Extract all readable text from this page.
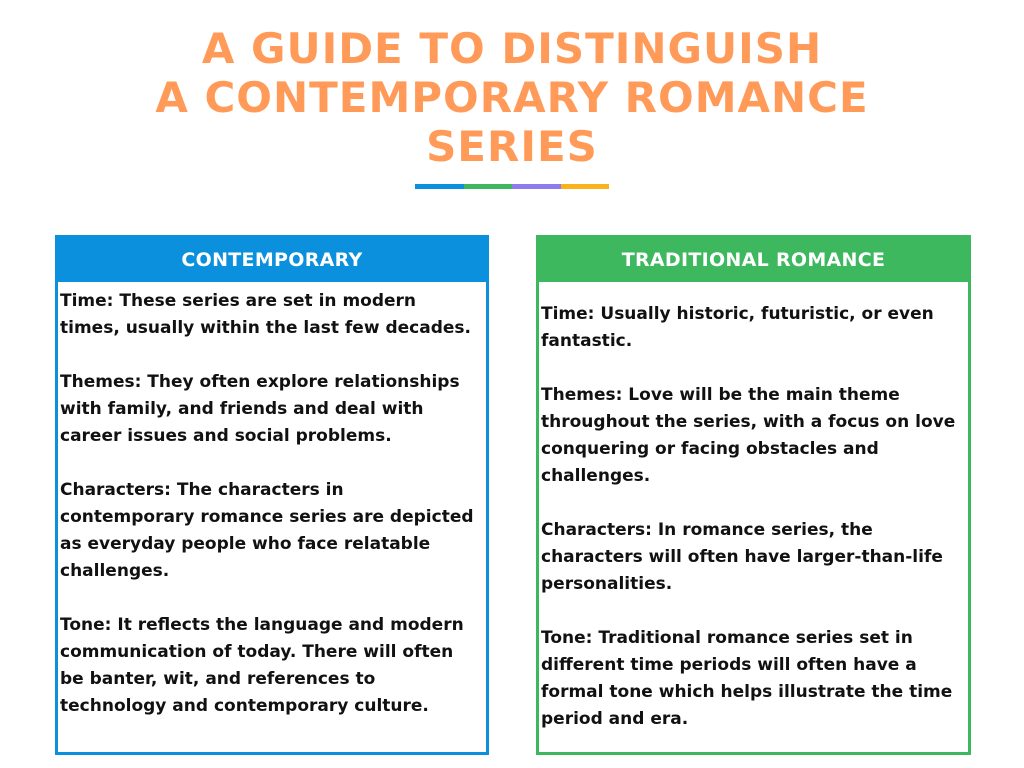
A GUIDE TO DISTINGUISH
A CONTEMPORARY ROMANCE
SERIES
CONTEMPORARY

Time: These series are set in modern times, usually within the last few decades.

Themes: They often explore relationships with family, and friends and deal with career issues and social problems.

Characters: The characters in contemporary romance series are depicted as everyday people who face relatable challenges.

Tone: It reflects the language and modern communication of today. There will often be banter, wit, and references to technology and contemporary culture.

TRADITIONAL ROMANCE

Time: Usually historic, futuristic, or even fantastic.

Themes: Love will be the main theme throughout the series, with a focus on love conquering or facing obstacles and challenges.

Characters: In romance series, the characters will often have larger-than-life personalities.

Tone: Traditional romance series set in different time periods will often have a formal tone which helps illustrate the time period and era.
